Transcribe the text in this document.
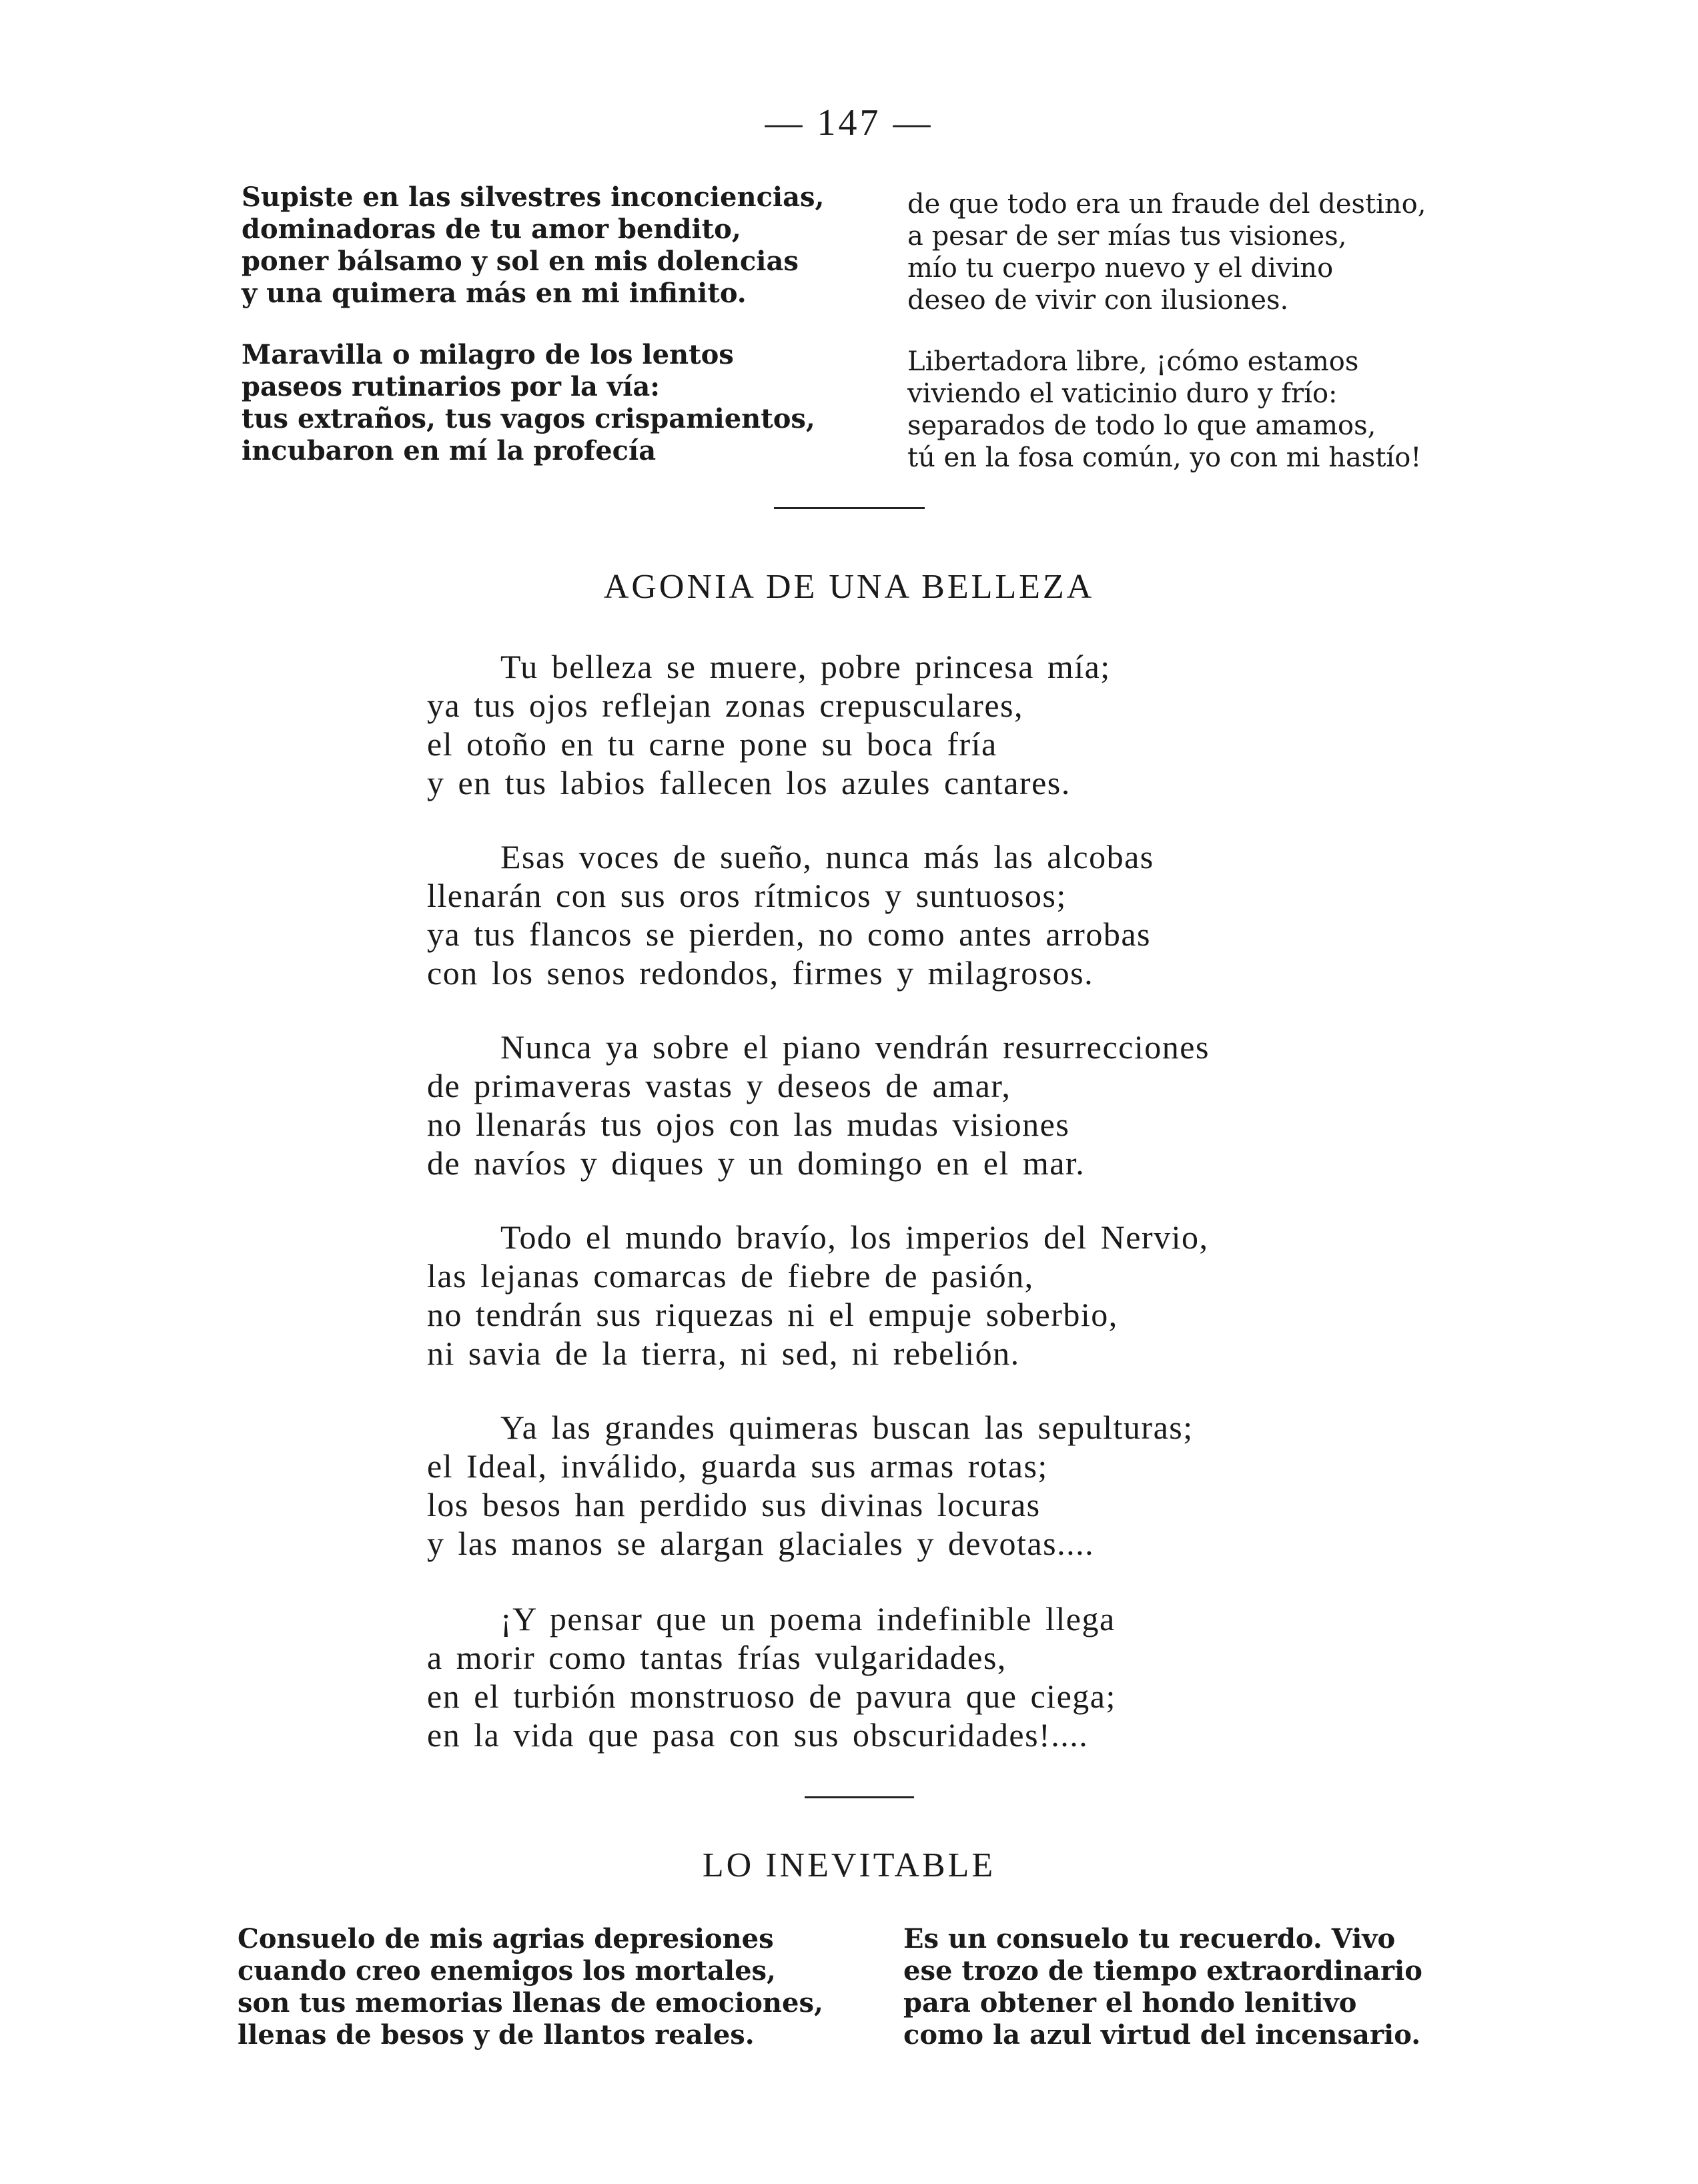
— 147 —
Supiste en las silvestres inconciencias,
dominadoras de tu amor bendito,
poner bálsamo y sol en mis dolencias
y una quimera más en mi infinito.
Maravilla o milagro de los lentos
paseos rutinarios por la vía:
tus extraños, tus vagos crispamientos,
incubaron en mí la profecía
de que todo era un fraude del destino,
a pesar de ser mías tus visiones,
mío tu cuerpo nuevo y el divino
deseo de vivir con ilusiones.
Libertadora libre, ¡cómo estamos
viviendo el vaticinio duro y frío:
separados de todo lo que amamos,
tú en la fosa común, yo con mi hastío!
AGONIA DE UNA BELLEZA
Tu belleza se muere, pobre princesa mía;
ya tus ojos reflejan zonas crepusculares,
el otoño en tu carne pone su boca fría
y en tus labios fallecen los azules cantares.
Esas voces de sueño, nunca más las alcobas
llenarán con sus oros rítmicos y suntuosos;
ya tus flancos se pierden, no como antes arrobas
con los senos redondos, firmes y milagrosos.
Nunca ya sobre el piano vendrán resurrecciones
de primaveras vastas y deseos de amar,
no llenarás tus ojos con las mudas visiones
de navíos y diques y un domingo en el mar.
Todo el mundo bravío, los imperios del Nervio,
las lejanas comarcas de fiebre de pasión,
no tendrán sus riquezas ni el empuje soberbio,
ni savia de la tierra, ni sed, ni rebelión.
Ya las grandes quimeras buscan las sepulturas;
el Ideal, inválido, guarda sus armas rotas;
los besos han perdido sus divinas locuras
y las manos se alargan glaciales y devotas....
¡Y pensar que un poema indefinible llega
a morir como tantas frías vulgaridades,
en el turbión monstruoso de pavura que ciega;
en la vida que pasa con sus obscuridades!....
LO INEVITABLE
Consuelo de mis agrias depresiones
cuando creo enemigos los mortales,
son tus memorias llenas de emociones,
llenas de besos y de llantos reales.
Es un consuelo tu recuerdo. Vivo
ese trozo de tiempo extraordinario
para obtener el hondo lenitivo
como la azul virtud del incensario.
